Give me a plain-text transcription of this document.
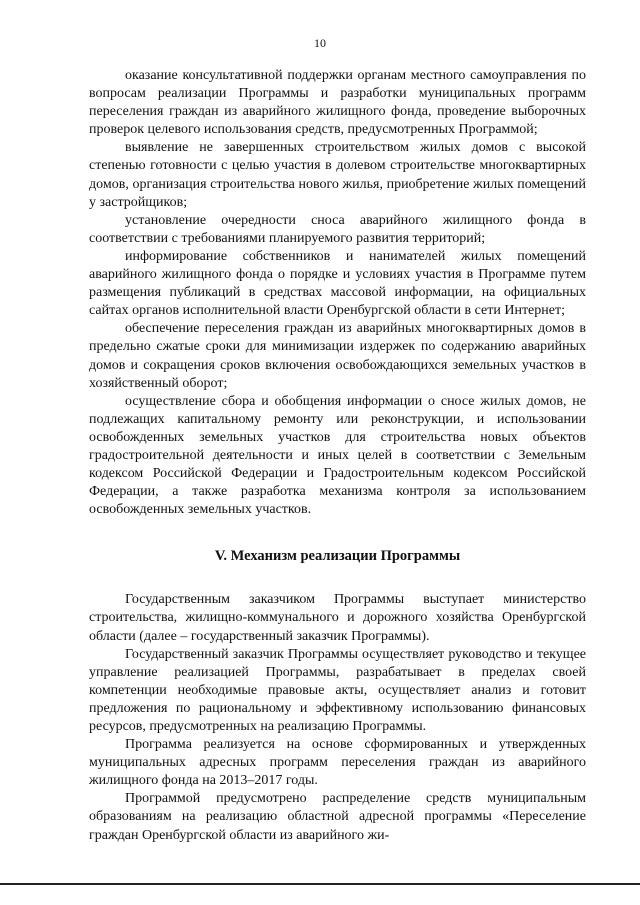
10

оказание консультативной поддержки органам местного самоуправления по вопросам реализации Программы и разработки муниципальных программ переселения граждан из аварийного жилищного фонда, проведение выборочных проверок целевого использования средств, предусмотренных Программой;

выявление не завершенных строительством жилых домов с высокой степенью готовности с целью участия в долевом строительстве многоквартирных домов, организация строительства нового жилья, приобретение жилых помещений у застройщиков;

установление очередности сноса аварийного жилищного фонда в соответствии с требованиями планируемого развития территорий;

информирование собственников и нанимателей жилых помещений аварийного жилищного фонда о порядке и условиях участия в Программе путем размещения публикаций в средствах массовой информации, на официальных сайтах органов исполнительной власти Оренбургской области в сети Интернет;

обеспечение переселения граждан из аварийных многоквартирных домов в предельно сжатые сроки для минимизации издержек по содержанию аварийных домов и сокращения сроков включения освобождающихся земельных участков в хозяйственный оборот;

осуществление сбора и обобщения информации о сносе жилых домов, не подлежащих капитальному ремонту или реконструкции, и использовании освобожденных земельных участков для строительства новых объектов градостроительной деятельности и иных целей в соответствии с Земельным кодексом Российской Федерации и Градостроительным кодексом Российской Федерации, а также разработка механизма контроля за использованием освобожденных земельных участков.

V. Механизм реализации Программы

Государственным заказчиком Программы выступает министерство строительства, жилищно-коммунального и дорожного хозяйства Оренбургской области (далее – государственный заказчик Программы).

Государственный заказчик Программы осуществляет руководство и текущее управление реализацией Программы, разрабатывает в пределах своей компетенции необходимые правовые акты, осуществляет анализ и готовит предложения по рациональному и эффективному использованию финансовых ресурсов, предусмотренных на реализацию Программы.

Программа реализуется на основе сформированных и утвержденных муниципальных адресных программ переселения граждан из аварийного жилищного фонда на 2013–2017 годы.

Программой предусмотрено распределение средств муниципальным образованиям на реализацию областной адресной программы «Переселение граждан Оренбургской области из аварийного жи-
